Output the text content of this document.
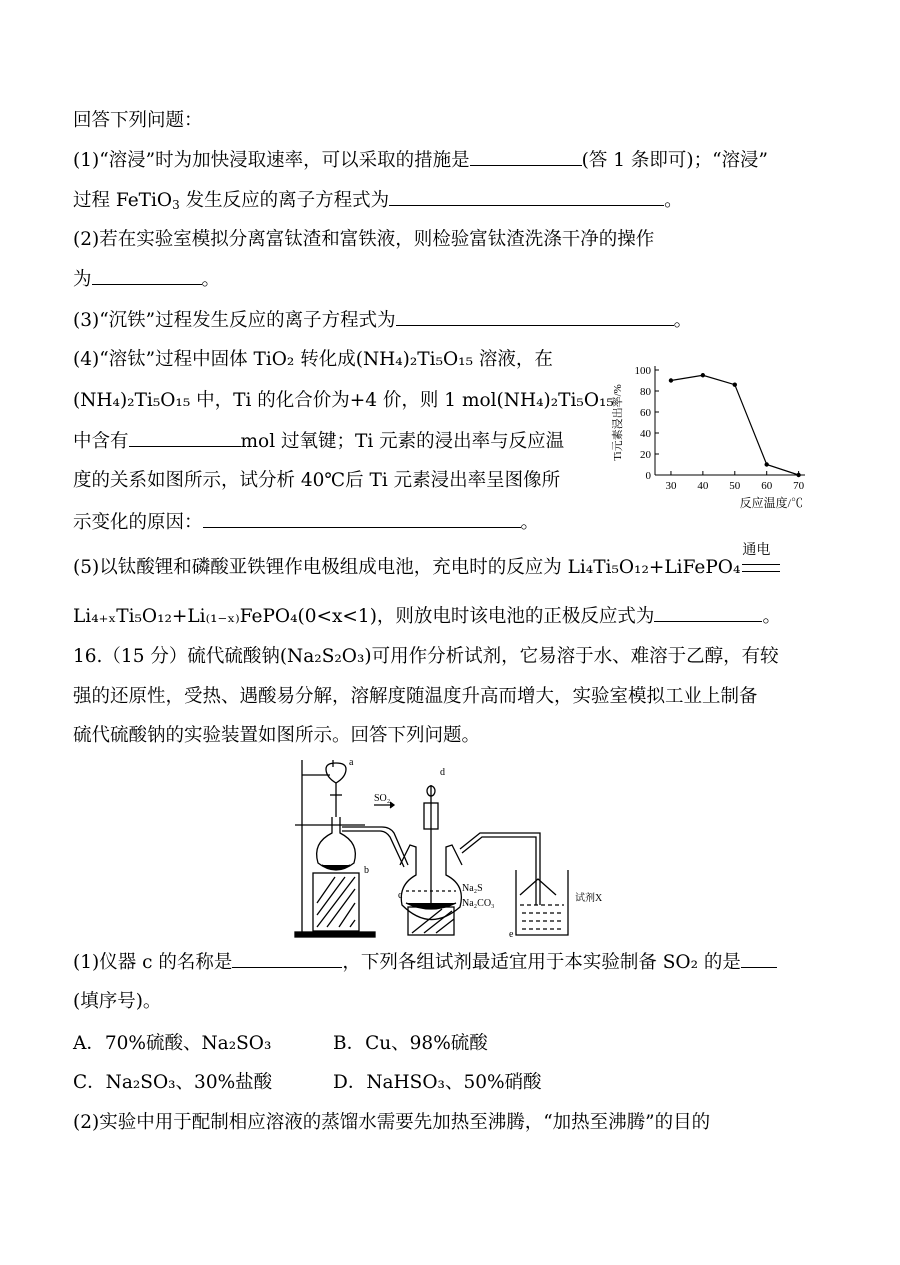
回答下列问题：
(1)“溶浸”时为加快浸取速率，可以采取的措施是	(答 1 条即可)；“溶浸”
过程 FeTiO$_3$ 发生反应的离子方程式为	。
(2)若在实验室模拟分离富钛渣和富铁液，则检验富钛渣洗涤干净的操作
为	。
(3)“沉铁”过程发生反应的离子方程式为	。
(4)“溶钛”过程中固体 TiO₂ 转化成(NH₄)₂Ti₅O₁₅ 溶液，在
(NH₄)₂Ti₅O₁₅ 中，Ti 的化合价为+4 价，则 1 mol(NH₄)₂Ti₅O₁₅
中含有	mol 过氧键；Ti 元素的浸出率与反应温
度的关系如图所示，试分析 40℃后 Ti 元素浸出率呈图像所
示变化的原因：	。
0
20
40
60
80
100
30 40 50 60 70
反应温度/℃
Ti元素浸出率/%
(5)以钛酸锂和磷酸亚铁锂作电极组成电池，充电时的反应为 Li₄Ti₅O₁₂+LiFePO₄
通电
Li₄₊ₓTi₅O₁₂+Li₍₁₋ₓ₎FePO₄(0<x<1)，则放电时该电池的正极反应式为	。
16.（15 分）硫代硫酸钠(Na₂S₂O₃)可用作分析试剂，它易溶于水、难溶于乙醇，有较
强的还原性，受热、遇酸易分解，溶解度随温度升高而增大，实验室模拟工业上制备
硫代硫酸钠的实验装置如图所示。回答下列问题。
a
b
c
d
e
SO₂
Na₂S
Na₂CO₃	试剂X
(1)仪器 c 的名称是	，下列各组试剂最适宜用于本实验制备 SO₂ 的是
(填序号)。
A．70%硫酸、Na₂SO₃	B．Cu、98%硫酸
C．Na₂SO₃、30%盐酸	D．NaHSO₃、50%硝酸
(2)实验中用于配制相应溶液的蒸馏水需要先加热至沸腾，“加热至沸腾”的目的
